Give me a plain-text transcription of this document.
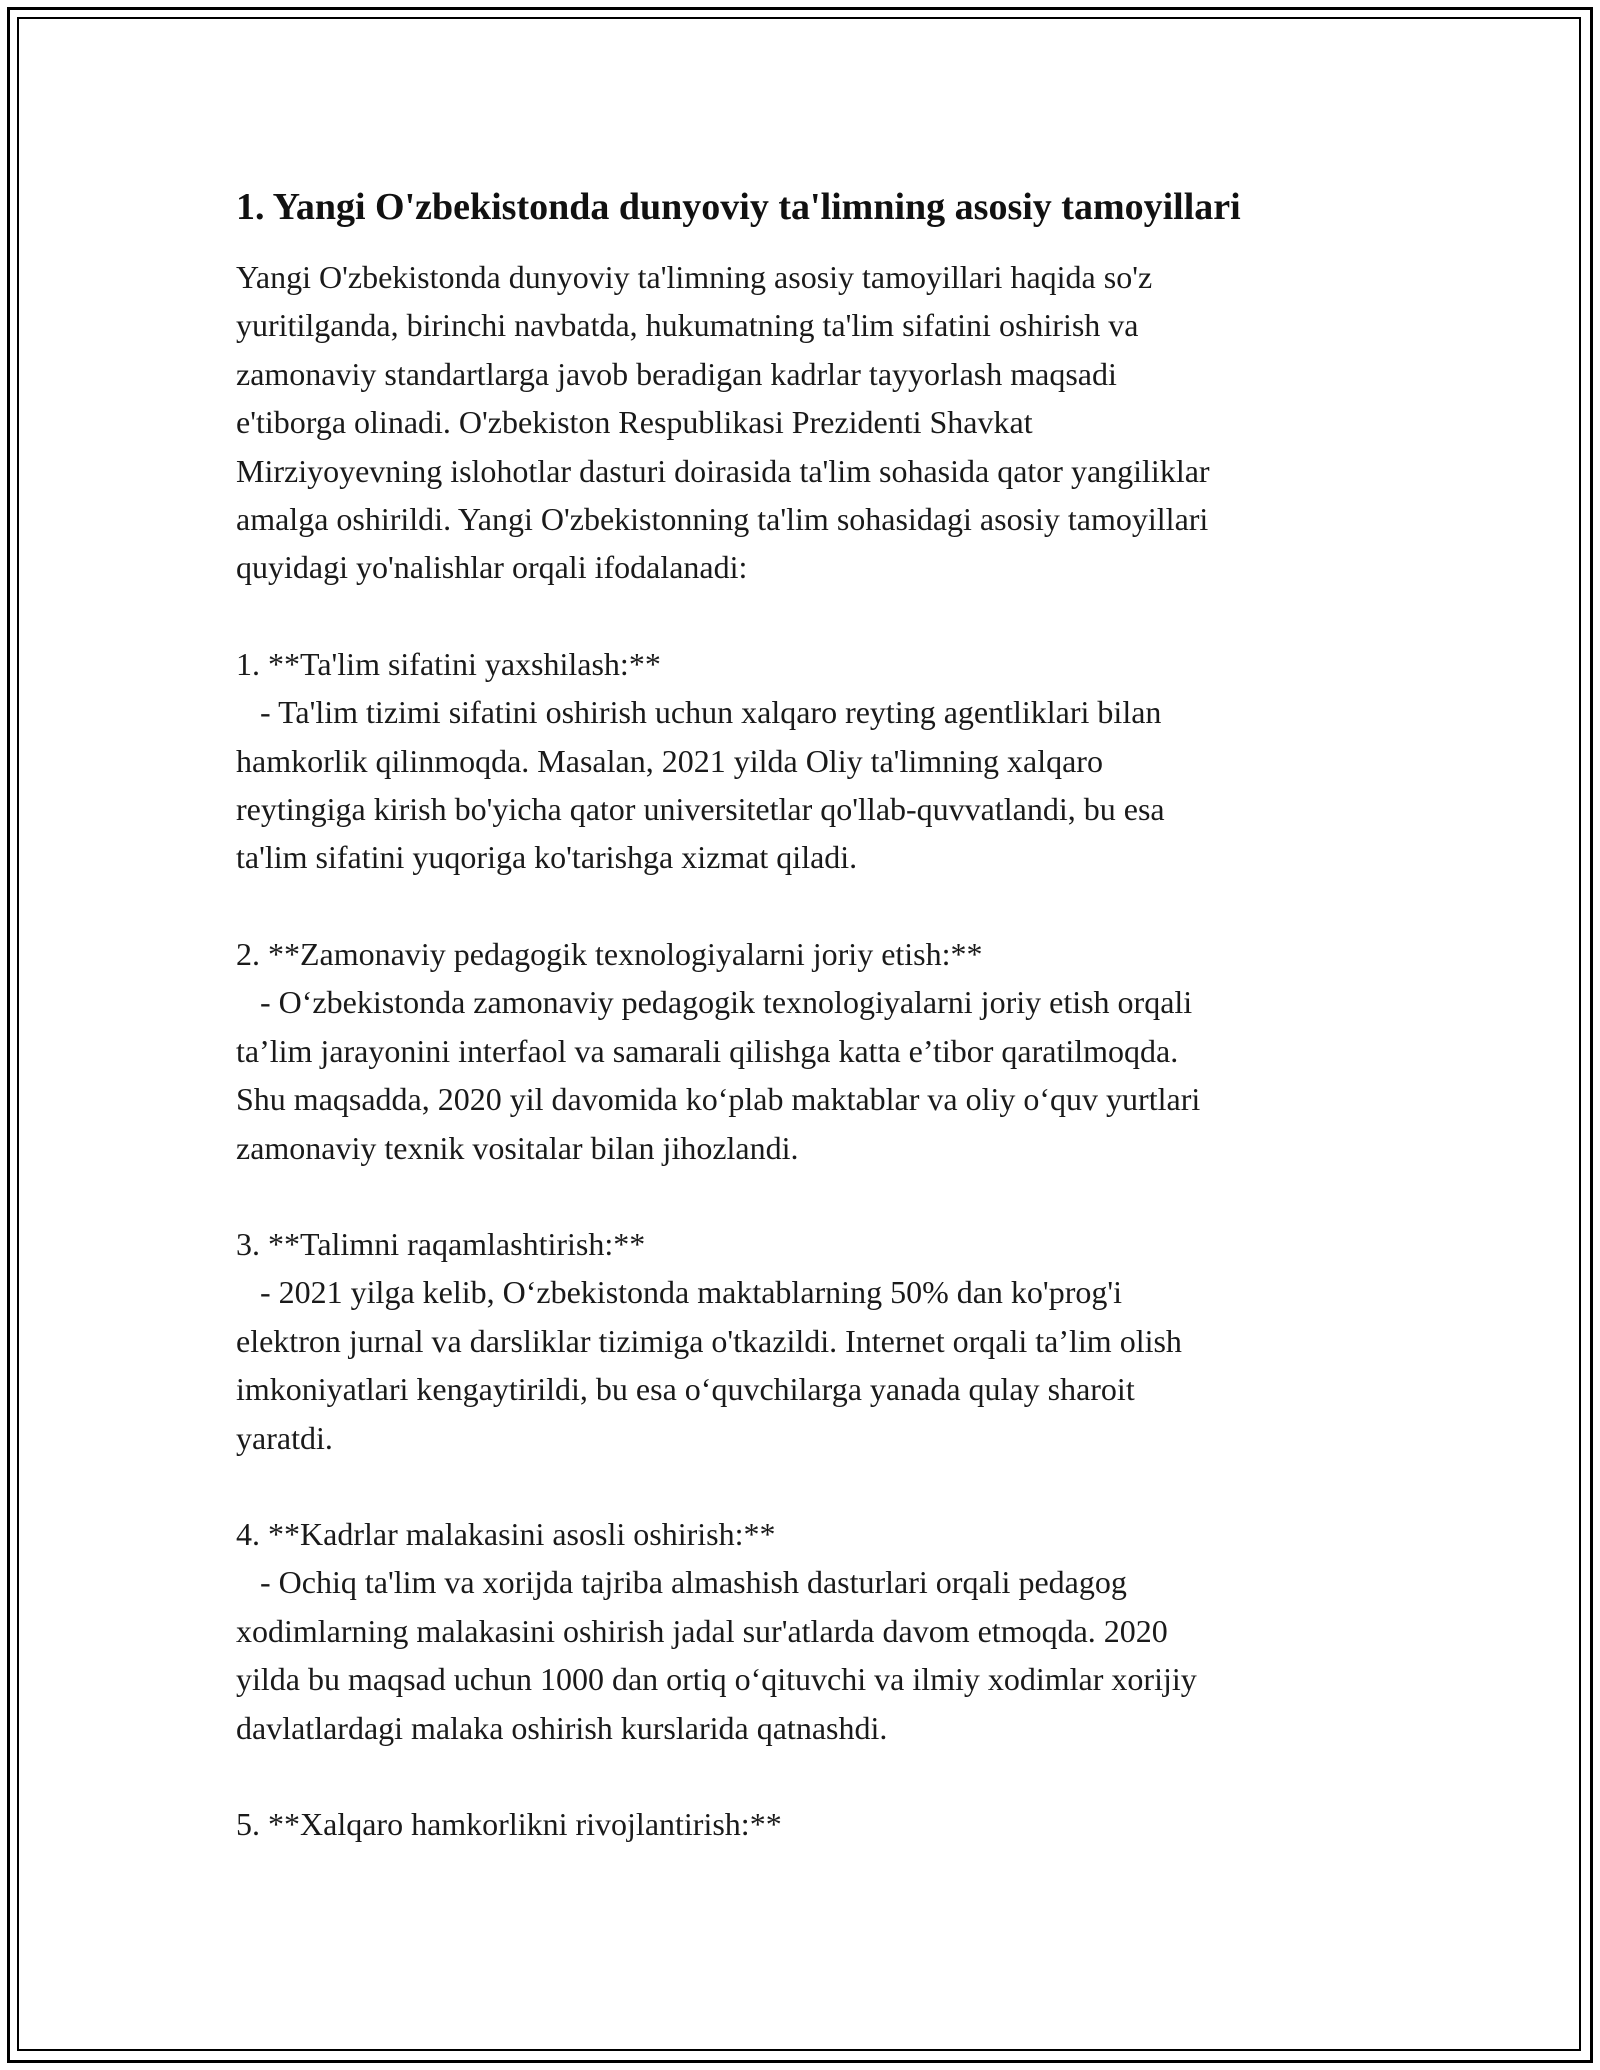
1. Yangi O'zbekistonda dunyoviy ta'limning asosiy tamoyillari
Yangi O'zbekistonda dunyoviy ta'limning asosiy tamoyillari haqida so'z
yuritilganda, birinchi navbatda, hukumatning ta'lim sifatini oshirish va
zamonaviy standartlarga javob beradigan kadrlar tayyorlash maqsadi
e'tiborga olinadi. O'zbekiston Respublikasi Prezidenti Shavkat
Mirziyoyevning islohotlar dasturi doirasida ta'lim sohasida qator yangiliklar
amalga oshirildi. Yangi O'zbekistonning ta'lim sohasidagi asosiy tamoyillari
quyidagi yo'nalishlar orqali ifodalanadi:
1. **Ta'lim sifatini yaxshilash:**
- Ta'lim tizimi sifatini oshirish uchun xalqaro reyting agentliklari bilan
hamkorlik qilinmoqda. Masalan, 2021 yilda Oliy ta'limning xalqaro
reytingiga kirish bo'yicha qator universitetlar qo'llab-quvvatlandi, bu esa
ta'lim sifatini yuqoriga ko'tarishga xizmat qiladi.
2. **Zamonaviy pedagogik texnologiyalarni joriy etish:**
- O‘zbekistonda zamonaviy pedagogik texnologiyalarni joriy etish orqali
ta’lim jarayonini interfaol va samarali qilishga katta e’tibor qaratilmoqda.
Shu maqsadda, 2020 yil davomida ko‘plab maktablar va oliy o‘quv yurtlari
zamonaviy texnik vositalar bilan jihozlandi.
3. **Talimni raqamlashtirish:**
- 2021 yilga kelib, O‘zbekistonda maktablarning 50% dan ko'prog'i
elektron jurnal va darsliklar tizimiga o'tkazildi. Internet orqali ta’lim olish
imkoniyatlari kengaytirildi, bu esa o‘quvchilarga yanada qulay sharoit
yaratdi.
4. **Kadrlar malakasini asosli oshirish:**
- Ochiq ta'lim va xorijda tajriba almashish dasturlari orqali pedagog
xodimlarning malakasini oshirish jadal sur'atlarda davom etmoqda. 2020
yilda bu maqsad uchun 1000 dan ortiq o‘qituvchi va ilmiy xodimlar xorijiy
davlatlardagi malaka oshirish kurslarida qatnashdi.
5. **Xalqaro hamkorlikni rivojlantirish:**
